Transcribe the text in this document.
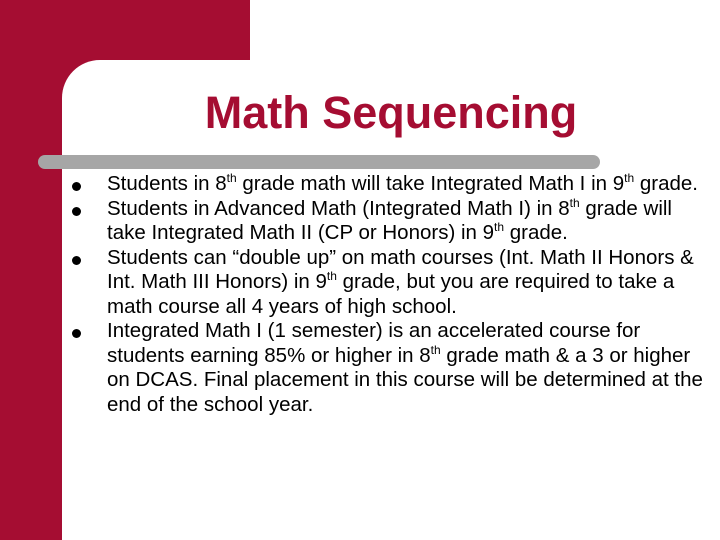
Math Sequencing
Students in 8th grade math will take Integrated Math I in 9th grade.
Students in Advanced Math (Integrated Math I) in 8th grade will take Integrated Math II (CP or Honors) in 9th grade.
Students can “double up” on math courses (Int. Math II Honors & Int. Math III Honors) in 9th grade, but you are required to take a math course all 4 years of high school.
Integrated Math I (1 semester) is an accelerated course for students earning 85% or higher in 8th grade math & a 3 or higher on DCAS. Final placement in this course will be determined at the end of the school year.
